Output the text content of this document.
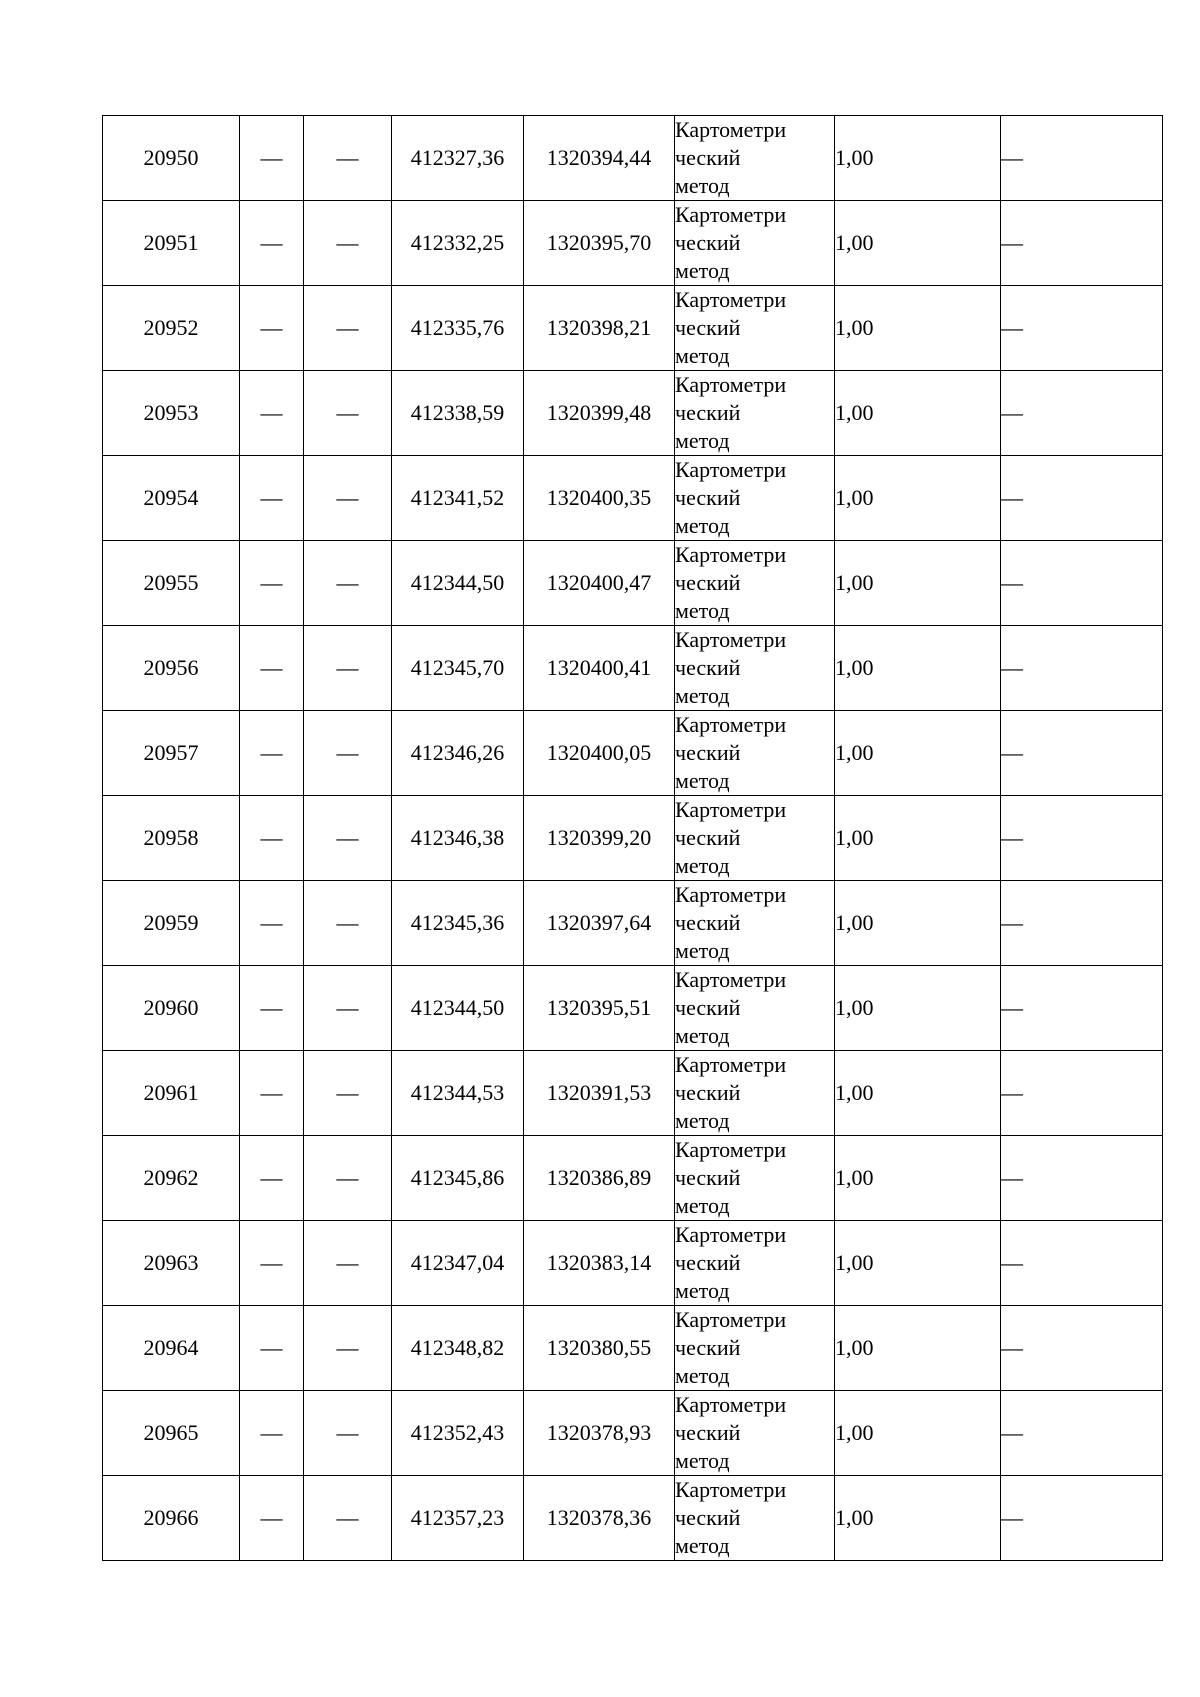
20950	—	—	412327,36	1320394,44	Картометри
ческий
метод	1,00	—
20951	—	—	412332,25	1320395,70	Картометри
ческий
метод	1,00	—
20952	—	—	412335,76	1320398,21	Картометри
ческий
метод	1,00	—
20953	—	—	412338,59	1320399,48	Картометри
ческий
метод	1,00	—
20954	—	—	412341,52	1320400,35	Картометри
ческий
метод	1,00	—
20955	—	—	412344,50	1320400,47	Картометри
ческий
метод	1,00	—
20956	—	—	412345,70	1320400,41	Картометри
ческий
метод	1,00	—
20957	—	—	412346,26	1320400,05	Картометри
ческий
метод	1,00	—
20958	—	—	412346,38	1320399,20	Картометри
ческий
метод	1,00	—
20959	—	—	412345,36	1320397,64	Картометри
ческий
метод	1,00	—
20960	—	—	412344,50	1320395,51	Картометри
ческий
метод	1,00	—
20961	—	—	412344,53	1320391,53	Картометри
ческий
метод	1,00	—
20962	—	—	412345,86	1320386,89	Картометри
ческий
метод	1,00	—
20963	—	—	412347,04	1320383,14	Картометри
ческий
метод	1,00	—
20964	—	—	412348,82	1320380,55	Картометри
ческий
метод	1,00	—
20965	—	—	412352,43	1320378,93	Картометри
ческий
метод	1,00	—
20966	—	—	412357,23	1320378,36	Картометри
ческий
метод	1,00	—
